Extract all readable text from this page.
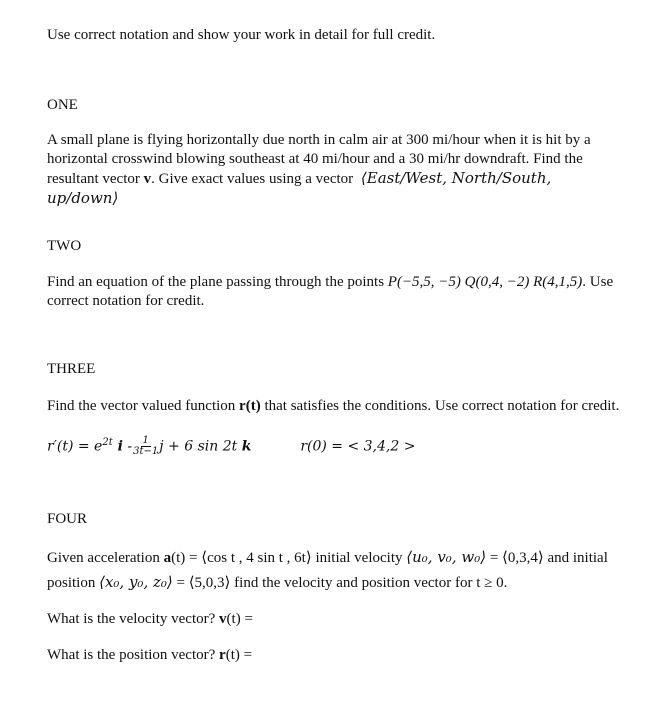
Use correct notation and show your work in detail for full credit.
ONE
A small plane is flying horizontally due north in calm air at 300 mi/hour when it is hit by a horizontal crosswind blowing southeast at 40 mi/hour and a 30 mi/hr downdraft. Find the resultant vector v. Give exact values using a vector ⟨East/West, North/South, up/down⟩
TWO
Find an equation of the plane passing through the points P(−5,5, −5) Q(0,4, −2) R(4,1,5). Use correct notation for credit.
THREE
Find the vector valued function r(t) that satisfies the conditions. Use correct notation for credit.
$r'(t) = e^{2t}$ i - $\frac{1}{3t-1}$ j + 6 sin 2t k	r(0) = < 3,4,2 >
FOUR
Given acceleration a(t) = ⟨cos t , 4 sin t , 6t⟩ initial velocity ⟨u₀, v₀, w₀⟩ = ⟨0,3,4⟩ and initial position ⟨x₀, y₀, z₀⟩ = ⟨5,0,3⟩ find the velocity and position vector for t ≥ 0.
What is the velocity vector? v(t) =
What is the position vector? r(t) =
